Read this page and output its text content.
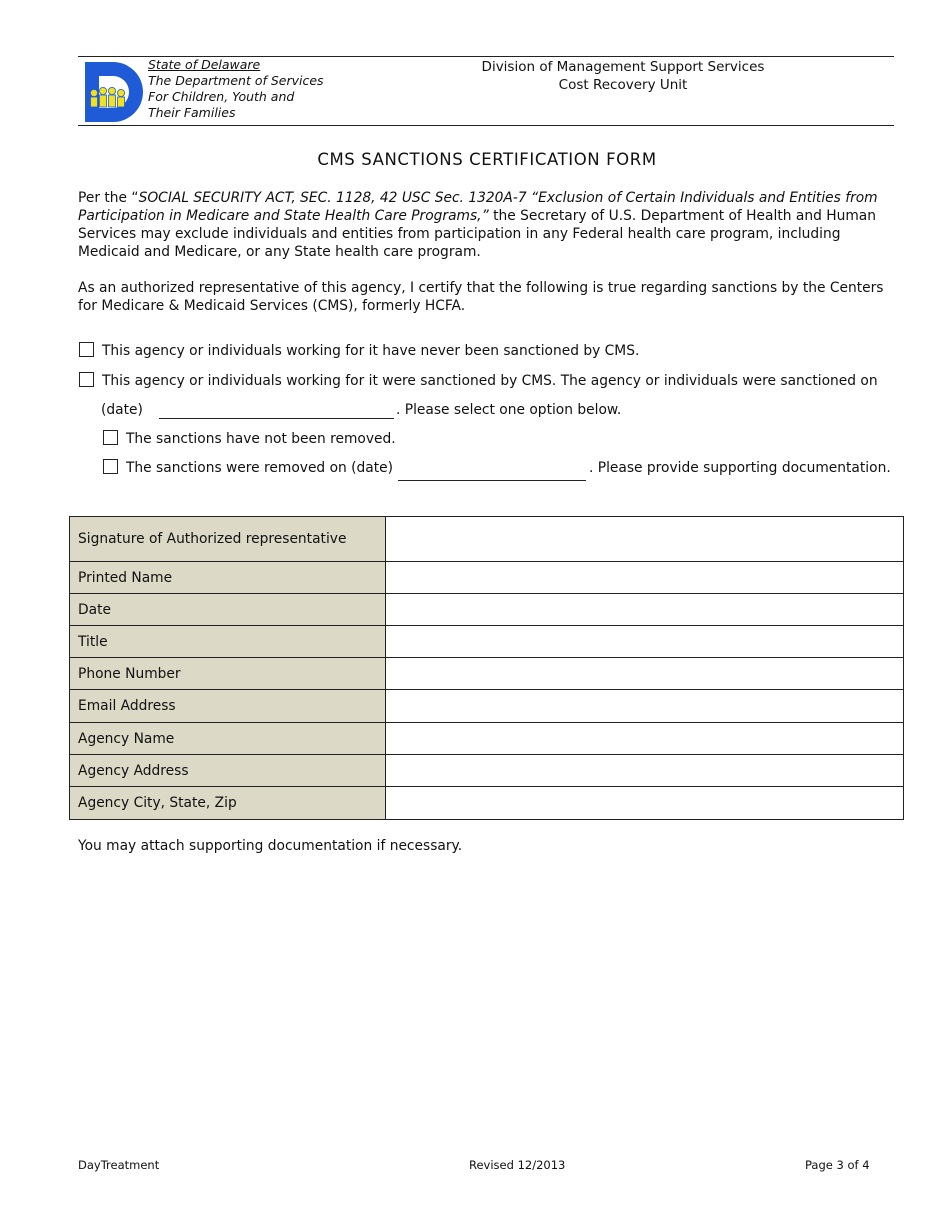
State of Delaware
The Department of Services
For Children, Youth and
Their Families
Division of Management Support Services
Cost Recovery Unit
CMS SANCTIONS CERTIFICATION FORM
Per the “SOCIAL SECURITY ACT, SEC. 1128, 42 USC Sec. 1320A-7 “Exclusion of Certain Individuals and Entities from Participation in Medicare and State Health Care Programs,” the Secretary of U.S. Department of Health and Human Services may exclude individuals and entities from participation in any Federal health care program, including Medicaid and Medicare, or any State health care program.
As an authorized representative of this agency, I certify that the following is true regarding sanctions by the Centers for Medicare & Medicaid Services (CMS), formerly HCFA.
This agency or individuals working for it have never been sanctioned by CMS.
This agency or individuals working for it were sanctioned by CMS. The agency or individuals were sanctioned on
(date)	. Please select one option below.
The sanctions have not been removed.
The sanctions were removed on (date)	. Please provide supporting documentation.
Signature of Authorized representative	
Printed Name	
Date	
Title	
Phone Number	
Email Address	
Agency Name	
Agency Address	
Agency City, State, Zip	
You may attach supporting documentation if necessary.
DayTreatment	Revised 12/2013	Page 3 of 4
